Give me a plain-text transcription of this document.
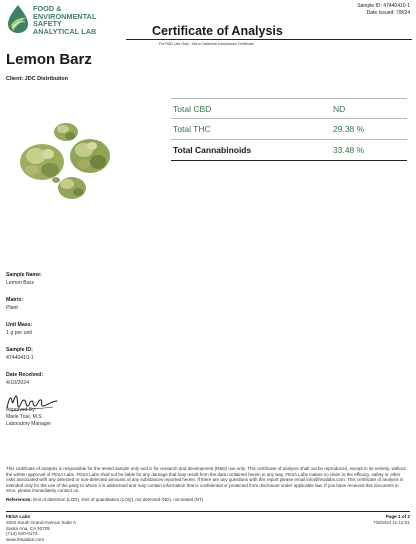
FOOD &
ENVIRONMENTAL
SAFETY
ANALYTICAL LAB
Sample ID: 47440410-1
Date Issued: 7/8/24
Certificate of Analysis
For R&D Use Only - Not a California Compliance Certificate.
Lemon Barz
Client: JDC Distribution
Total CBD	ND
Total THC	29.38 %
Total Cannabinoids	33.48 %
Sample Name:
Lemon Barz
Matrix:
Plant
Unit Mass:
1 g per unit
Sample ID:
47440410-1
Date Received:
4/10/2024
Approved By:
Marie True, M.S.
Laboratory Manager
This certificate of analysis is responsible for the tested sample only and is for research and development (R&D) use only. This certificate of analysis shall not be reproduced, except in its entirety, without the written approval of FESA Labs. FESA Labs shall not be liable for any damage that may result from the data contained herein in any way. FESA Labs makes no claim to the efficacy, safety or other risks associated with any detected or non-detected amounts of any substances reported herein. If there are any questions with this report please email info@fesalabs.com. This certificate of analysis is intended only for the use of the party to whom it is addressed and may contain information that is confidential or protected from disclosure under applicable law. If you have received this document in error, please immediately contact us.
References: limit of detection (LOD), limit of quantitation (LOQ), not detected (ND), not tested (NT)
FESA Labs
2002 South Grand Avenue Suite A
Santa Ana, CA 92705
(714) 540-0172
www.fesalabs.com
Page 1 of 2
7/8/2024 11:12:01
